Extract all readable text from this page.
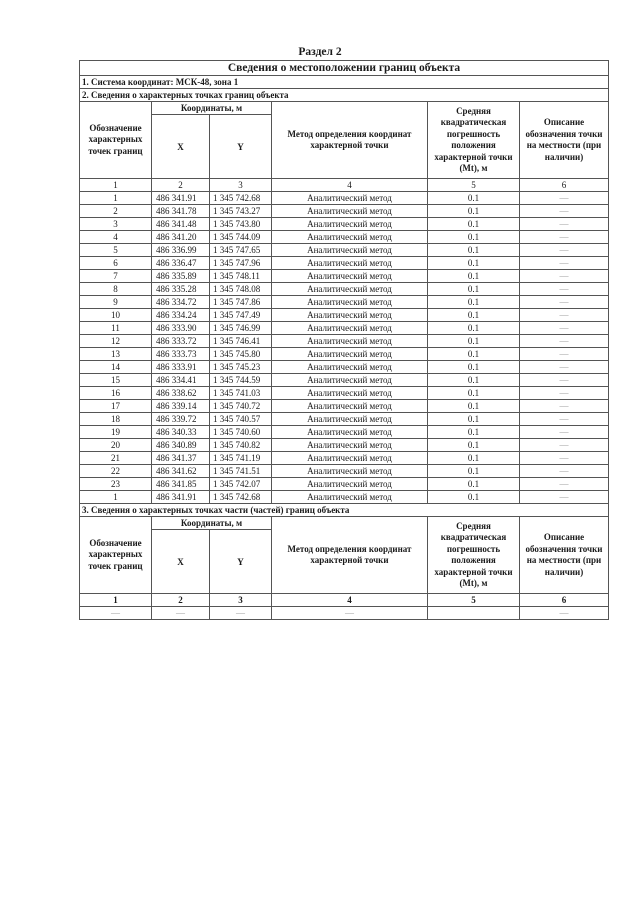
Раздел 2
Сведения о местоположении границ объекта					
1. Система координат: МСК-48, зона 1					
2. Сведения о характерных точках границ объекта					
Обозначение характерных точек границ	Координаты, м		Метод определения координат характерной точки	Средняя квадратическая погрешность положения характерной точки (Mt), м	Описание обозначения точки на местности (при наличии)
	X	Y			
1	2	3	4	5	6
1	486 341.91	1 345 742.68	Аналитический метод	0.1	—
2	486 341.78	1 345 743.27	Аналитический метод	0.1	—
3	486 341.48	1 345 743.80	Аналитический метод	0.1	—
4	486 341.20	1 345 744.09	Аналитический метод	0.1	—
5	486 336.99	1 345 747.65	Аналитический метод	0.1	—
6	486 336.47	1 345 747.96	Аналитический метод	0.1	—
7	486 335.89	1 345 748.11	Аналитический метод	0.1	—
8	486 335.28	1 345 748.08	Аналитический метод	0.1	—
9	486 334.72	1 345 747.86	Аналитический метод	0.1	—
10	486 334.24	1 345 747.49	Аналитический метод	0.1	—
11	486 333.90	1 345 746.99	Аналитический метод	0.1	—
12	486 333.72	1 345 746.41	Аналитический метод	0.1	—
13	486 333.73	1 345 745.80	Аналитический метод	0.1	—
14	486 333.91	1 345 745.23	Аналитический метод	0.1	—
15	486 334.41	1 345 744.59	Аналитический метод	0.1	—
16	486 338.62	1 345 741.03	Аналитический метод	0.1	—
17	486 339.14	1 345 740.72	Аналитический метод	0.1	—
18	486 339.72	1 345 740.57	Аналитический метод	0.1	—
19	486 340.33	1 345 740.60	Аналитический метод	0.1	—
20	486 340.89	1 345 740.82	Аналитический метод	0.1	—
21	486 341.37	1 345 741.19	Аналитический метод	0.1	—
22	486 341.62	1 345 741.51	Аналитический метод	0.1	—
23	486 341.85	1 345 742.07	Аналитический метод	0.1	—
1	486 341.91	1 345 742.68	Аналитический метод	0.1	—
3. Сведения о характерных точках части (частей) границ объекта					
Обозначение характерных точек границ	Координаты, м		Метод определения координат характерной точки	Средняя квадратическая погрешность положения характерной точки (Mt), м	Описание обозначения точки на местности (при наличии)
	X	Y			
1	2	3	4	5	6
—	—	—	—		—
